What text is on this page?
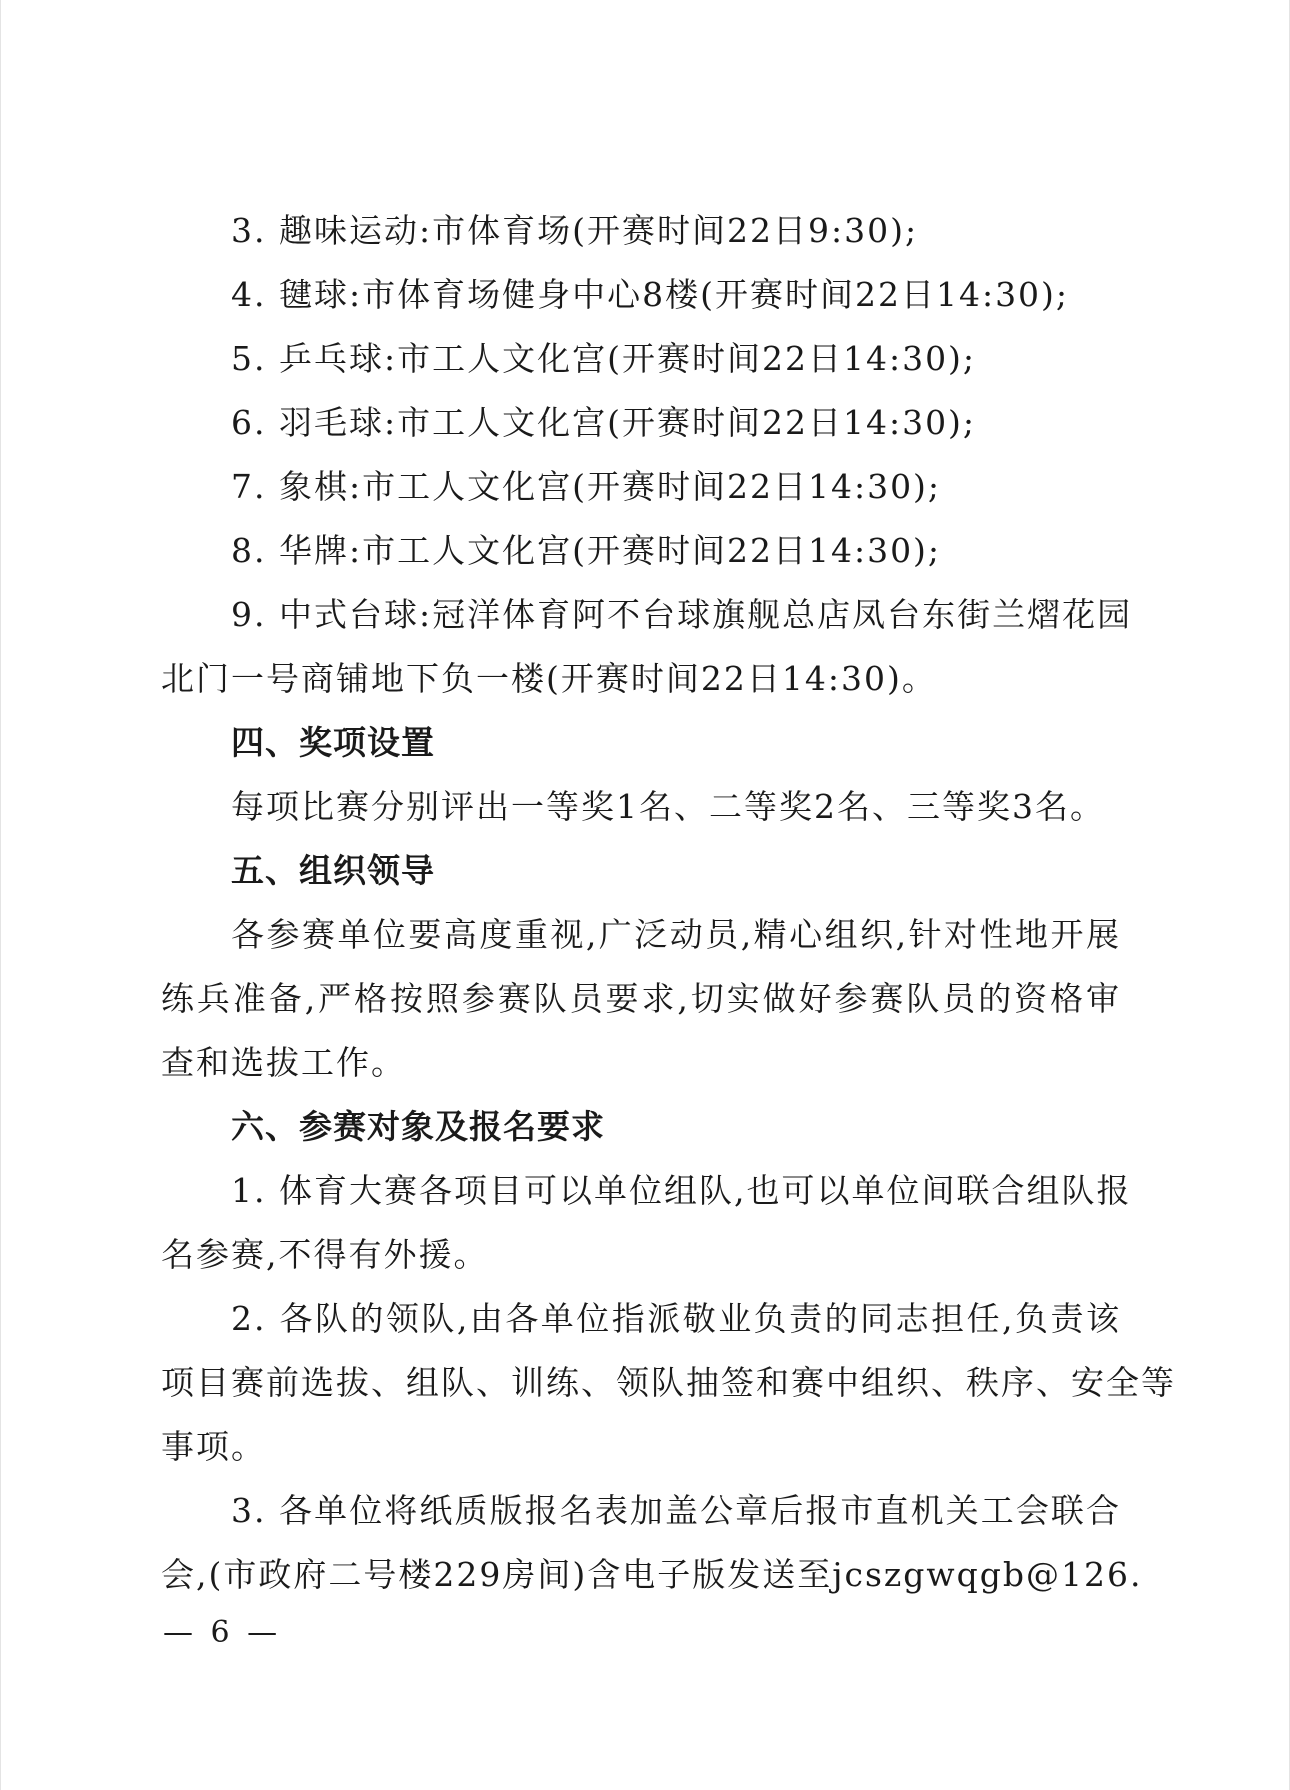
3. 趣味运动:市体育场(开赛时间22日9:30);
4. 毽球:市体育场健身中心8楼(开赛时间22日14:30);
5. 乒乓球:市工人文化宫(开赛时间22日14:30);
6. 羽毛球:市工人文化宫(开赛时间22日14:30);
7. 象棋:市工人文化宫(开赛时间22日14:30);
8. 华牌:市工人文化宫(开赛时间22日14:30);
9. 中式台球:冠洋体育阿不台球旗舰总店凤台东街兰熠花园
北门一号商铺地下负一楼(开赛时间22日14:30)。
四、奖项设置
每项比赛分别评出一等奖1名、二等奖2名、三等奖3名。
五、组织领导
各参赛单位要高度重视,广泛动员,精心组织,针对性地开展
练兵准备,严格按照参赛队员要求,切实做好参赛队员的资格审
查和选拔工作。
六、参赛对象及报名要求
1. 体育大赛各项目可以单位组队,也可以单位间联合组队报
名参赛,不得有外援。
2. 各队的领队,由各单位指派敬业负责的同志担任,负责该
项目赛前选拔、组队、训练、领队抽签和赛中组织、秩序、安全等
事项。
3. 各单位将纸质版报名表加盖公章后报市直机关工会联合
会,(市政府二号楼229房间)含电子版发送至jcszgwqgb@126.
— 6 —
